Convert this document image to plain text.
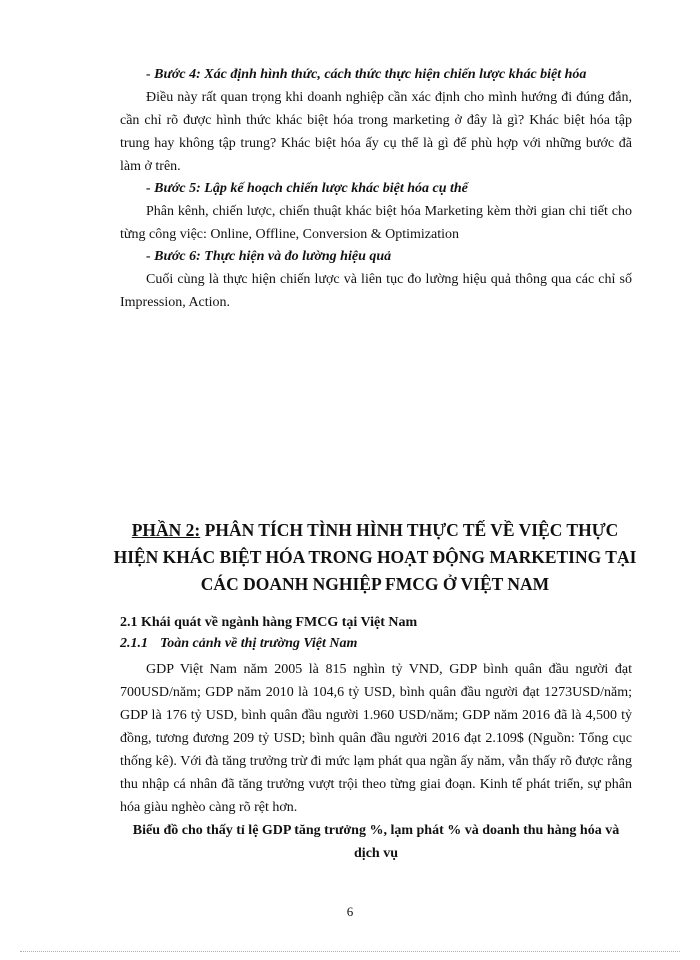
- Bước 4: Xác định hình thức, cách thức thực hiện chiến lược khác biệt hóa

Điều này rất quan trọng khi doanh nghiệp cần xác định cho mình hướng đi đúng đắn, cần chỉ rõ được hình thức khác biệt hóa trong marketing ở đây là gì? Khác biệt hóa tập trung hay không tập trung? Khác biệt hóa ấy cụ thể là gì để phù hợp với những bước đã làm ở trên.

- Bước 5: Lập kế hoạch chiến lược khác biệt hóa cụ thể

Phân kênh, chiến lược, chiến thuật khác biệt hóa Marketing kèm thời gian chi tiết cho từng công việc: Online, Offline, Conversion & Optimization

- Bước 6: Thực hiện và đo lường hiệu quả

Cuối cùng là thực hiện chiến lược và liên tục đo lường hiệu quả thông qua các chỉ số Impression, Action.

PHẦN 2: PHÂN TÍCH TÌNH HÌNH THỰC TẾ VỀ VIỆC THỰC HIỆN KHÁC BIỆT HÓA TRONG HOẠT ĐỘNG MARKETING TẠI CÁC DOANH NGHIỆP FMCG Ở VIỆT NAM

2.1 Khái quát về ngành hàng FMCG tại Việt Nam

2.1.1 Toàn cảnh về thị trường Việt Nam

GDP Việt Nam năm 2005 là 815 nghìn tỷ VND, GDP bình quân đầu người đạt 700USD/năm; GDP năm 2010 là 104,6 tỷ USD, bình quân đầu người đạt 1273USD/năm; GDP là 176 tỷ USD, bình quân đầu người 1.960 USD/năm; GDP năm 2016 đã là 4,500 tỷ đồng, tương đương 209 tỷ USD; bình quân đầu người 2016 đạt 2.109$ (Nguồn: Tổng cục thống kê). Với đà tăng trưởng trừ đi mức lạm phát qua ngần ấy năm, vẫn thấy rõ được rằng thu nhập cá nhân đã tăng trưởng vượt trội theo từng giai đoạn. Kinh tế phát triển, sự phân hóa giàu nghèo càng rõ rệt hơn.

Biểu đồ cho thấy tỉ lệ GDP tăng trưởng %, lạm phát % và doanh thu hàng hóa và dịch vụ

6
